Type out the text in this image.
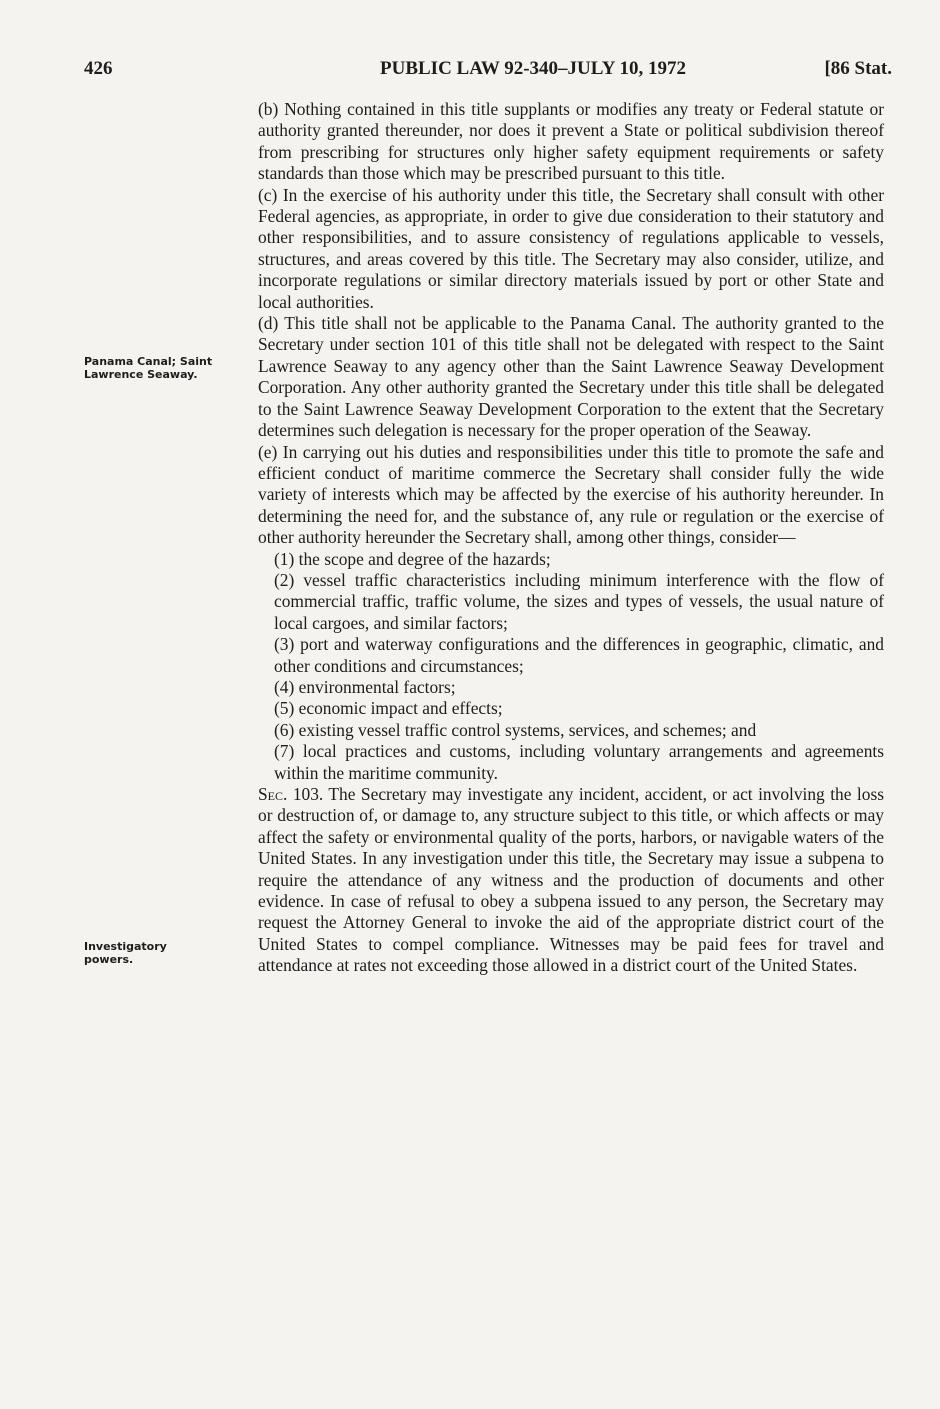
426	PUBLIC LAW 92-340–JULY 10, 1972	[86 Stat.
Panama Canal; Saint Lawrence Seaway.
Investigatory powers.

(b) Nothing contained in this title supplants or modifies any treaty or Federal statute or authority granted thereunder, nor does it prevent a State or political subdivision thereof from prescribing for structures only higher safety equipment requirements or safety standards than those which may be prescribed pursuant to this title.

(c) In the exercise of his authority under this title, the Secretary shall consult with other Federal agencies, as appropriate, in order to give due consideration to their statutory and other responsibilities, and to assure consistency of regulations applicable to vessels, structures, and areas covered by this title. The Secretary may also consider, utilize, and incorporate regulations or similar directory materials issued by port or other State and local authorities.

(d) This title shall not be applicable to the Panama Canal. The authority granted to the Secretary under section 101 of this title shall not be delegated with respect to the Saint Lawrence Seaway to any agency other than the Saint Lawrence Seaway Development Corporation. Any other authority granted the Secretary under this title shall be delegated to the Saint Lawrence Seaway Development Corporation to the extent that the Secretary determines such delegation is necessary for the proper operation of the Seaway.

(e) In carrying out his duties and responsibilities under this title to promote the safe and efficient conduct of maritime commerce the Secretary shall consider fully the wide variety of interests which may be affected by the exercise of his authority hereunder. In determining the need for, and the substance of, any rule or regulation or the exercise of other authority hereunder the Secretary shall, among other things, consider—

(1) the scope and degree of the hazards;

(2) vessel traffic characteristics including minimum interference with the flow of commercial traffic, traffic volume, the sizes and types of vessels, the usual nature of local cargoes, and similar factors;

(3) port and waterway configurations and the differences in geographic, climatic, and other conditions and circumstances;

(4) environmental factors;

(5) economic impact and effects;

(6) existing vessel traffic control systems, services, and schemes; and

(7) local practices and customs, including voluntary arrangements and agreements within the maritime community.

Sec. 103. The Secretary may investigate any incident, accident, or act involving the loss or destruction of, or damage to, any structure subject to this title, or which affects or may affect the safety or environmental quality of the ports, harbors, or navigable waters of the United States. In any investigation under this title, the Secretary may issue a subpena to require the attendance of any witness and the production of documents and other evidence. In case of refusal to obey a subpena issued to any person, the Secretary may request the Attorney General to invoke the aid of the appropriate district court of the United States to compel compliance. Witnesses may be paid fees for travel and attendance at rates not exceeding those allowed in a district court of the United States.
